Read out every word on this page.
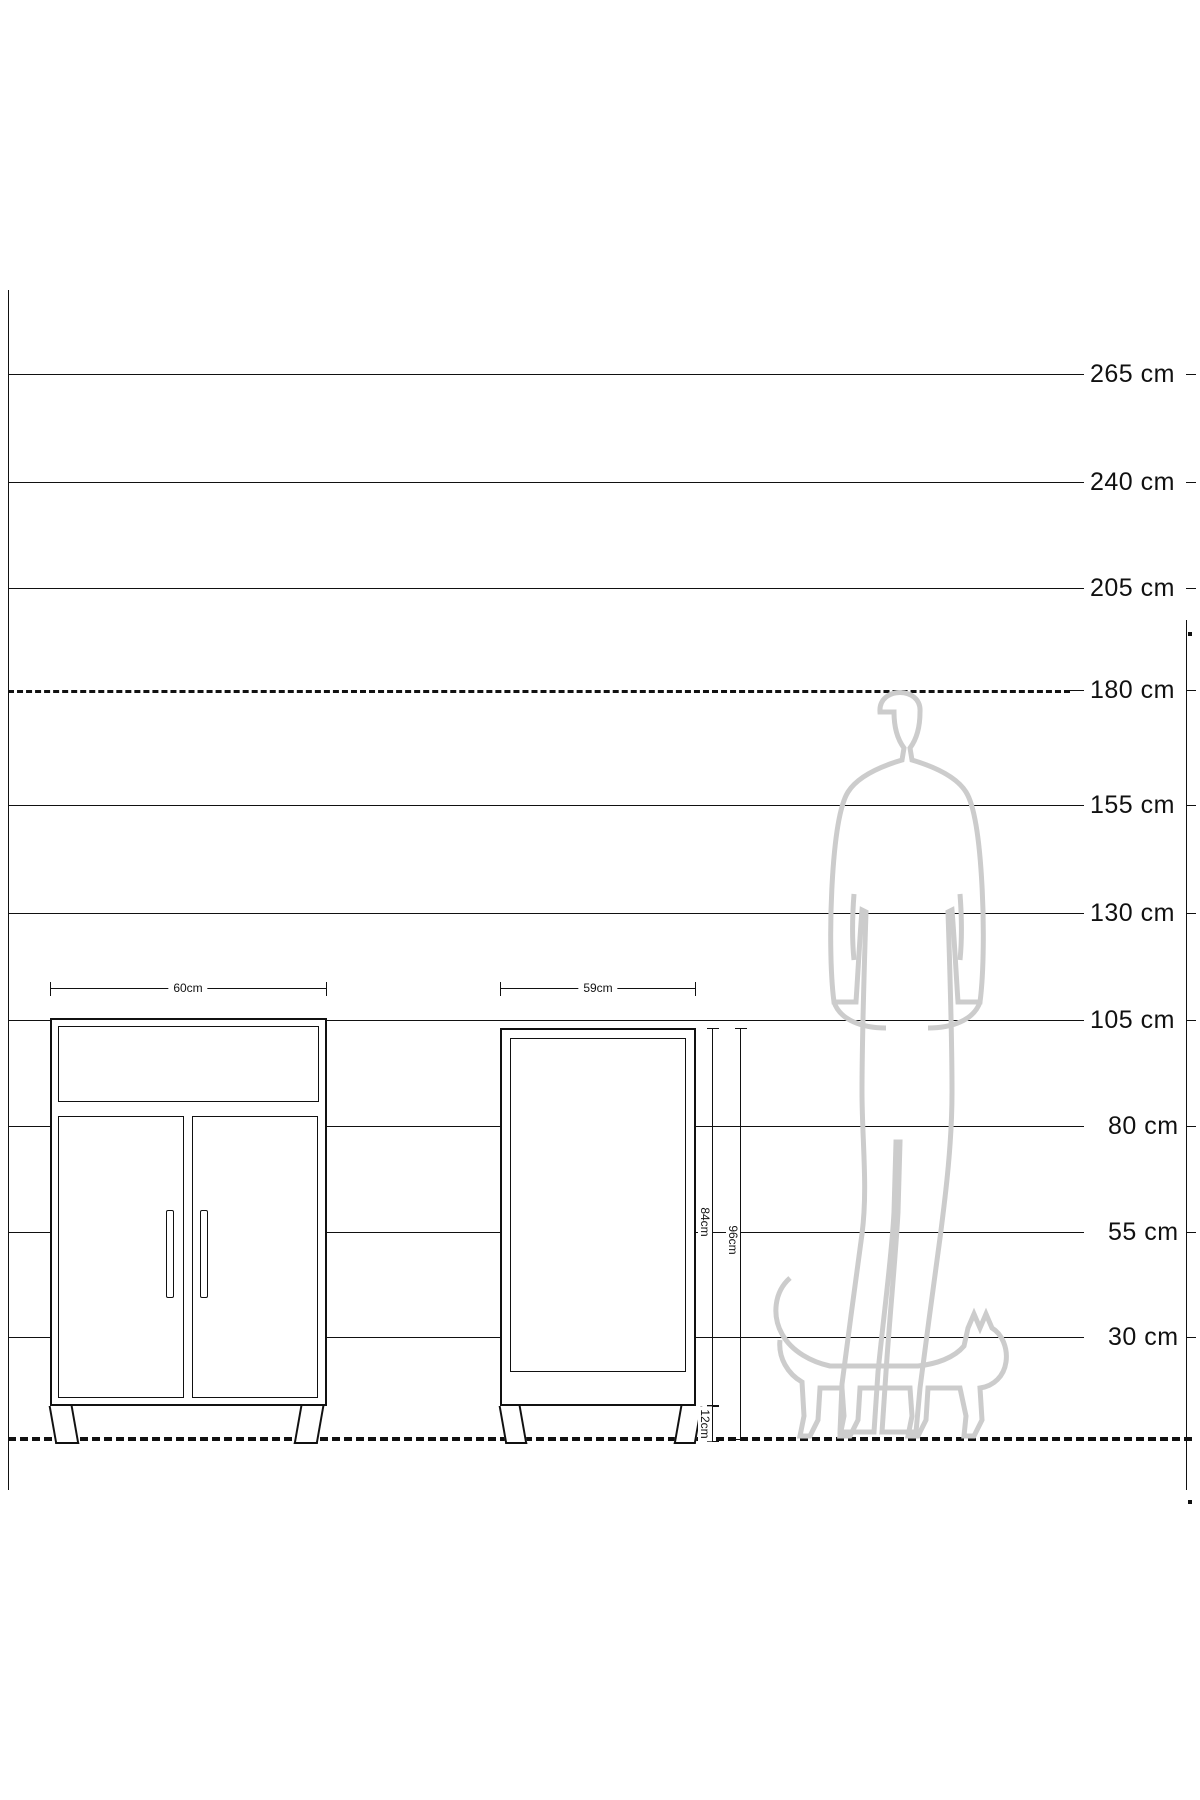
265 cm
240 cm
205 cm
180 cm
155 cm
130 cm
105 cm
80 cm
55 cm
30 cm
60cm	59cm
84cm
96cm
12cm
